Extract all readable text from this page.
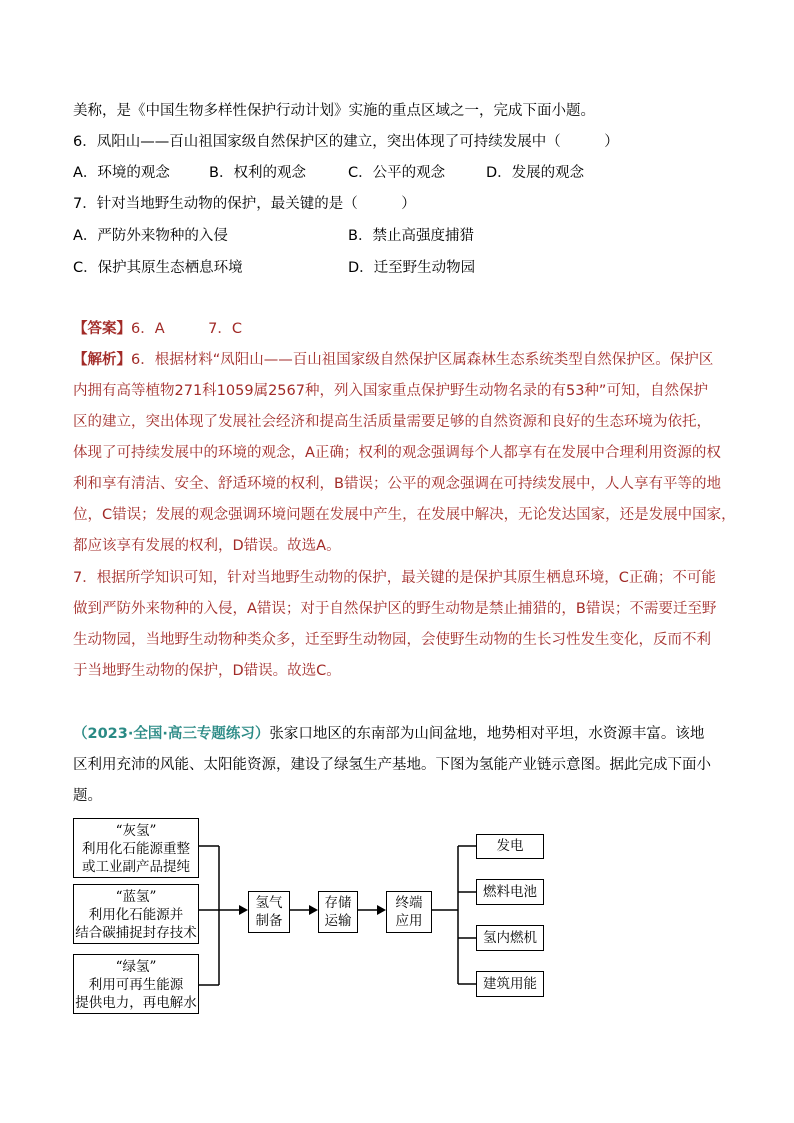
美称，是《中国生物多样性保护行动计划》实施的重点区域之一，完成下面小题。
6．凤阳山——百山祖国家级自然保护区的建立，突出体现了可持续发展中（　　　）
A．环境的观念	B．权利的观念	C．公平的观念	D．发展的观念
7．针对当地野生动物的保护，最关键的是（　　　）
A．严防外来物种的入侵	B．禁止高强度捕猎
C．保护其原生态栖息环境	D．迁至野生动物园
【答案】6．A　　　7．C
【解析】6．根据材料“凤阳山——百山祖国家级自然保护区属森林生态系统类型自然保护区。保护区
内拥有高等植物271科1059属2567种，列入国家重点保护野生动物名录的有53种”可知，自然保护
区的建立，突出体现了发展社会经济和提高生活质量需要足够的自然资源和良好的生态环境为依托，
体现了可持续发展中的环境的观念，A正确；权利的观念强调每个人都享有在发展中合理利用资源的权
利和享有清洁、安全、舒适环境的权利，B错误；公平的观念强调在可持续发展中，人人享有平等的地
位，C错误；发展的观念强调环境问题在发展中产生，在发展中解决，无论发达国家，还是发展中国家，
都应该享有发展的权利，D错误。故选A。
7．根据所学知识可知，针对当地野生动物的保护，最关键的是保护其原生栖息环境，C正确；不可能
做到严防外来物种的入侵，A错误；对于自然保护区的野生动物是禁止捕猎的，B错误；不需要迁至野
生动物园，当地野生动物种类众多，迁至野生动物园，会使野生动物的生长习性发生变化，反而不利
于当地野生动物的保护，D错误。故选C。
（2023·全国·高三专题练习）张家口地区的东南部为山间盆地，地势相对平坦，水资源丰富。该地
区利用充沛的风能、太阳能资源，建设了绿氢生产基地。下图为氢能产业链示意图。据此完成下面小
题。
“灰氢”
利用化石能源重整
或工业副产品提纯
“蓝氢”
利用化石能源并
结合碳捕捉封存技术
“绿氢”
利用可再生能源
提供电力，再电解水
氢气
制备
存储
运输
终端
应用
发电
燃料电池
氢内燃机
建筑用能
